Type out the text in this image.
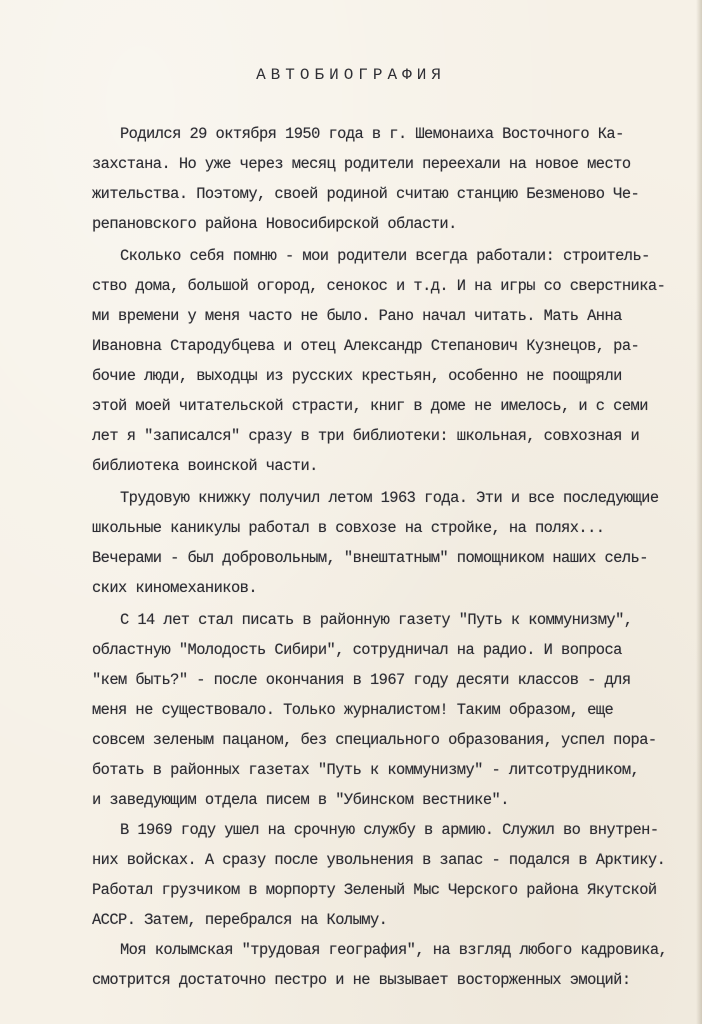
АВТОБИОГРАФИЯ

Родился 29 октября 1950 года в г. Шемонаиха Восточного Ка-

захстана. Но уже через месяц родители переехали на новое место

жительства. Поэтому, своей родиной считаю станцию Безменово Че-

репановского района Новосибирской области.

Сколько себя помню - мои родители всегда работали: строитель-

ство дома, большой огород, сенокос и т.д. И на игры со сверстника-

ми времени у меня часто не было. Рано начал читать. Мать Анна

Ивановна Стародубцева и отец Александр Степанович Кузнецов, ра-

бочие люди, выходцы из русских крестьян, особенно не поощряли

этой моей читательской страсти, книг в доме не имелось, и с семи

лет я "записался" сразу в три библиотеки: школьная, совхозная и

библиотека воинской части.

Трудовую книжку получил летом 1963 года. Эти и все последующие

школьные каникулы работал в совхозе на стройке, на полях...

Вечерами - был добровольным, "внештатным" помощником наших сель-

ских киномехаников.

С 14 лет стал писать в районную газету "Путь к коммунизму",

областную "Молодость Сибири", сотрудничал на радио. И вопроса

"кем быть?" - после окончания в 1967 году десяти классов - для

меня не существовало. Только журналистом! Таким образом, еще

совсем зеленым пацаном, без специального образования, успел пора-

ботать в районных газетах "Путь к коммунизму" - литсотрудником,

и заведующим отдела писем в "Убинском вестнике".

В 1969 году ушел на срочную службу в армию. Служил во внутрен-

них войсках. А сразу после увольнения в запас - подался в Арктику.

Работал грузчиком в морпорту Зеленый Мыс Черского района Якутской

АССР. Затем, перебрался на Колыму.

Моя колымская "трудовая география", на взгляд любого кадровика,

смотрится достаточно пестро и не вызывает восторженных эмоций:
